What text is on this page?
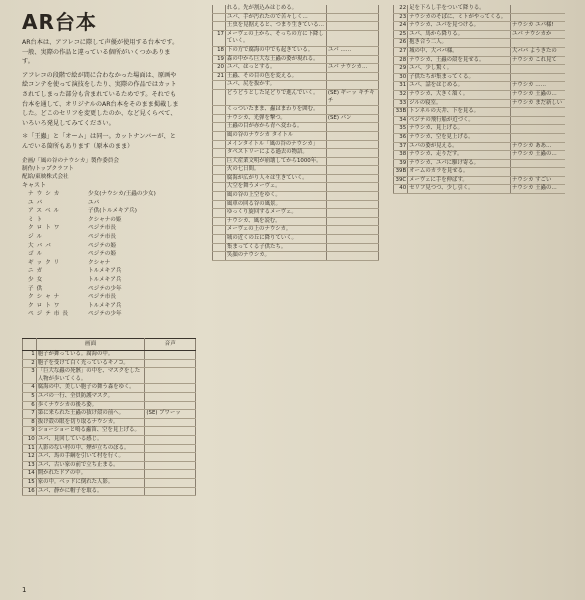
AR台本

AR台本は、アフレコに際して声優が使用する台本です。一般、実際の作品と違っている個所がいくつかあります。

アフレコの段階で絵が間に合わなかった場面は、原画や絵コンテを使って演技をしたり、実際の作品ではカットされてしまった部分も含まれているためです。それでも台本を通して、オリジナルのAR台本をそのまま掲載しました。どこのセリフを変更したのか、など見くらべて、いろいろ発見してみてください。

＊「王蟲」と「オーム」は同一。カットナンバーが、とんでいる箇所もあります（原本のまま）

企画/「風の谷のナウシカ」製作委員会
制作/トップクラフト
配給/東映株式会社
キャスト
ナウシカ	少女(ナウシカ/王蟲の少女)
ユパ	ユパ
アスベル	子供(トルメキア兵)
ミト	クシャナの姫
クロトワ	ペジテ市長
ジル	ペジテ市長
大ババ	ペジテの姫
ゴル	ペジテの姫
ギックリ	クシャナ
ニガ	トルメキア兵
少女	トルメキア兵
子供	ペジテの少年
クシャナ	ペジテ市長
クロトワ	トルメキア兵
ペジテ市長	ペジテの少年
	画面	音声
1	胞子が舞っている。腐海の中。	
2	胞子を受けて白く光っているキノコ。	
3	「巨大な蟲の死骸」の中を、マスクをした人物が歩いてくる。	
4	腐海の中、美しい胞子の舞う森をゆく。	
5	ユパの一行、全員防護マスク。	
6	歩くナウシカの後ろ姿。	
7	第に来られた王蟲の抜け殻の前へ。	(SE) ブワーッ
8	抜け殻の眼を切り取るナウシカ。	
9	ショーショーと鳴る蟲笛、空を見上げる。	
10	ユパ、見回している感じ。	
11	人影のない村の中、煙が立ちのぼる。	
12	ユパ、馬の手綱を引いて村を行く。	
13	ユパ、古い家の前で立ち止まる。	
14	開かれたドアの中。	
15	家の中。ベッドに倒れた人影。	
16	ユパ、静かに帽子を取る。	
	れる。先が割込みはじめる。	
	ユパ、手が汚れたので苦々しく…	
	王虫を見据えると、つまり生きている…	
17	メーヴェの上から、そっちの方に下降していく。	
18	下の方で腐海の中でも起きている。	ユパ ……
19	森の中から巨大な王蟲の姿が現れる。	
20	ユパ、はっとする。	ユパ ナウシカ…
21	王蟲、その目の色を変える。	
	ユパ、尻を抜かす。	
	どうどうとした足どりで進んでいく。	(SE) ギーッ キチキチ
	くっついたまま、蟲はまわりを囲む。	
	ナウシカ、光弾を撃つ。	(SE) パン
	王蟲の目が赤から青へ変わる。	
	風の谷のナウシカ タイトル	
	メインタイトル「風の谷のナウシカ」	
	タペストリーによる過去の物語。	
	巨大産業文明が崩壊してから1000年。	
	火の七日間。	
	腐海が広がり人々は生きていく。	
	大空を舞うメーヴェ。	
	風の谷の上空をゆく。	
	風車の回る谷の風景。	
	ゆっくり旋回するメーヴェ。	
	ナウシカ、風を読む。	
	メーヴェの上のナウシカ。	
	城の近くの丘に降りていく。	
	集まってくる子供たち。	
	笑顔のナウシカ。	
22	足を下ろし手をついて降りる。	
23	ナウシカのそばに、ミトがやってくる。	
24	ナウシカ、ユパを見つける。	ナウシカ ユパ様!
25	ユパ、馬から降りる。	ユパ ナウシカか
26	抱き合う二人。	
27	城の中、大ババ様。	大ババ ようきたの
28	ナウシカ、王蟲の殻を見せる。	ナウシカ これ見て
29	ユパ、少し驚く。	
30	子供たちが集まってくる。	
31	ユパ、話をはじめる。	ナウシカ ……
32	ナウシカ、大きく頷く。	ナウシカ 王蟲の…
33	ジルの寝室。	ナウシカ まだ新しい
33B	トンネルの天井、下を見る。	
34	ペジテの飛行船が近づく。	
35	ナウシカ、見上げる。	
36	ナウシカ、空を見上げる。	
37	ユパの姿が見える。	ナウシカ ああ…
38	ナウシカ、走りだす。	ナウシカ 王蟲の…
39	ナウシカ、ユパに駆け寄る。	
39B	オームのカラを見せる。	
39C	メーヴェに手を伸ばす。	ナウシカ すごい
40	セリフ見つつ、少し引く。	ナウシカ 王蟲の…
1
